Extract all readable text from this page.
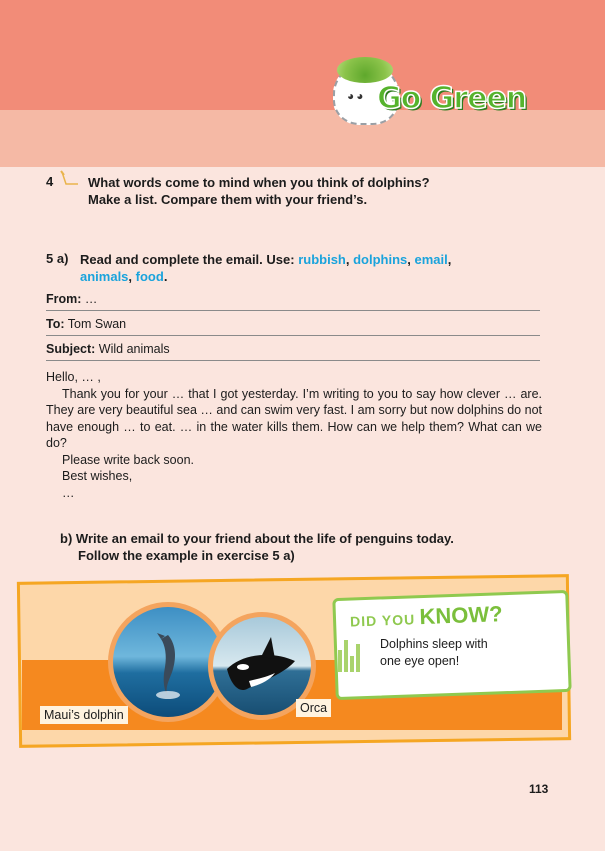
◕◕ Go Green
4	What words come to mind when you think of dolphins?
Make a list. Compare them with your friend’s.
5 a) Read and complete the email. Use: rubbish, dolphins, email,
animals, food.
From: …
To: Tom Swan
Subject: Wild animals

Hello, … ,

Thank you for your … that I got yesterday. I’m writing to you to say how clever … are. They are very beautiful sea … and can swim very fast. I am sorry but now dolphins do not have enough … to eat. … in the water kills them. How can we help them? What can we do?

Please write back soon.

Best wishes,

…

b) Write an email to your friend about the life of penguins today.
Follow the example in exercise 5 a)
Maui’s dolphin	Orca
DID YOU KNOW?
Dolphins sleep with
one eye open!
113
